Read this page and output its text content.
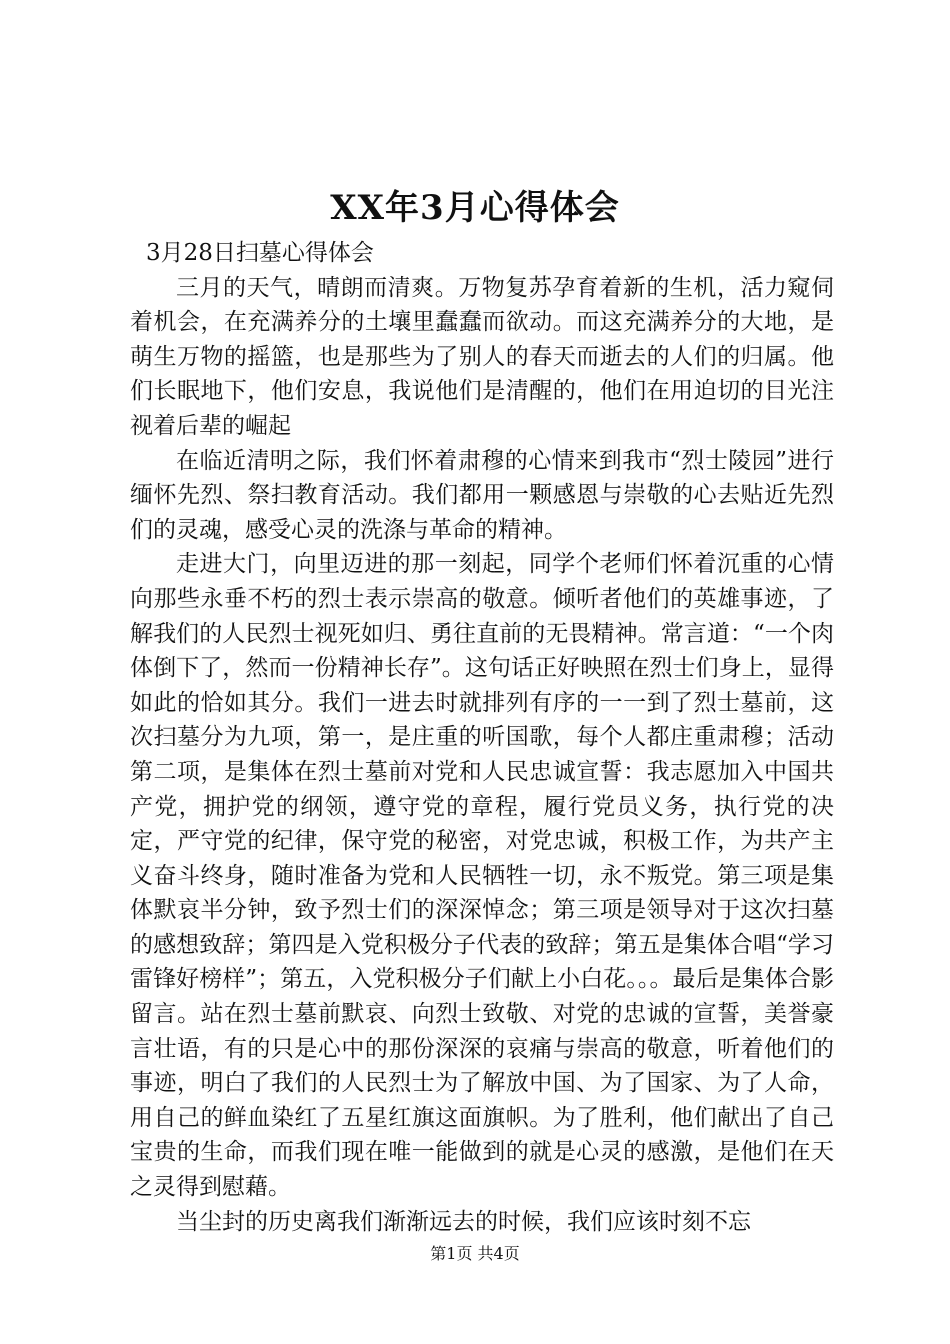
XX年3月心得体会

3月28日扫墓心得体会

三月的天气，晴朗而清爽。万物复苏孕育着新的生机，活力窥伺着机会，在充满养分的土壤里蠢蠢而欲动。而这充满养分的大地，是萌生万物的摇篮，也是那些为了别人的春天而逝去的人们的归属。他们长眠地下，他们安息，我说他们是清醒的，他们在用迫切的目光注视着后辈的崛起

在临近清明之际，我们怀着肃穆的心情来到我市“烈士陵园”进行缅怀先烈、祭扫教育活动。我们都用一颗感恩与崇敬的心去贴近先烈们的灵魂，感受心灵的洗涤与革命的精神。

走进大门，向里迈进的那一刻起，同学个老师们怀着沉重的心情向那些永垂不朽的烈士表示崇高的敬意。倾听者他们的英雄事迹，了解我们的人民烈士视死如归、勇往直前的无畏精神。常言道：“一个肉体倒下了，然而一份精神长存”。这句话正好映照在烈士们身上，显得如此的恰如其分。我们一进去时就排列有序的一一到了烈士墓前，这次扫墓分为九项，第一，是庄重的听国歌，每个人都庄重肃穆；活动第二项，是集体在烈士墓前对党和人民忠诚宣誓：我志愿加入中国共产党，拥护党的纲领，遵守党的章程，履行党员义务，执行党的决定，严守党的纪律，保守党的秘密，对党忠诚，积极工作，为共产主义奋斗终身，随时准备为党和人民牺牲一切，永不叛党。第三项是集体默哀半分钟，致予烈士们的深深悼念；第三项是领导对于这次扫墓的感想致辞；第四是入党积极分子代表的致辞；第五是集体合唱“学习雷锋好榜样”；第五，入党积极分子们献上小白花。。。最后是集体合影留言。站在烈士墓前默哀、向烈士致敬、对党的忠诚的宣誓，美誉豪言壮语，有的只是心中的那份深深的哀痛与崇高的敬意，听着他们的事迹，明白了我们的人民烈士为了解放中国、为了国家、为了人命，用自己的鲜血染红了五星红旗这面旗帜。为了胜利，他们献出了自己宝贵的生命，而我们现在唯一能做到的就是心灵的感激，是他们在天之灵得到慰藉。

当尘封的历史离我们渐渐远去的时候，我们应该时刻不忘

第1页 共4页
